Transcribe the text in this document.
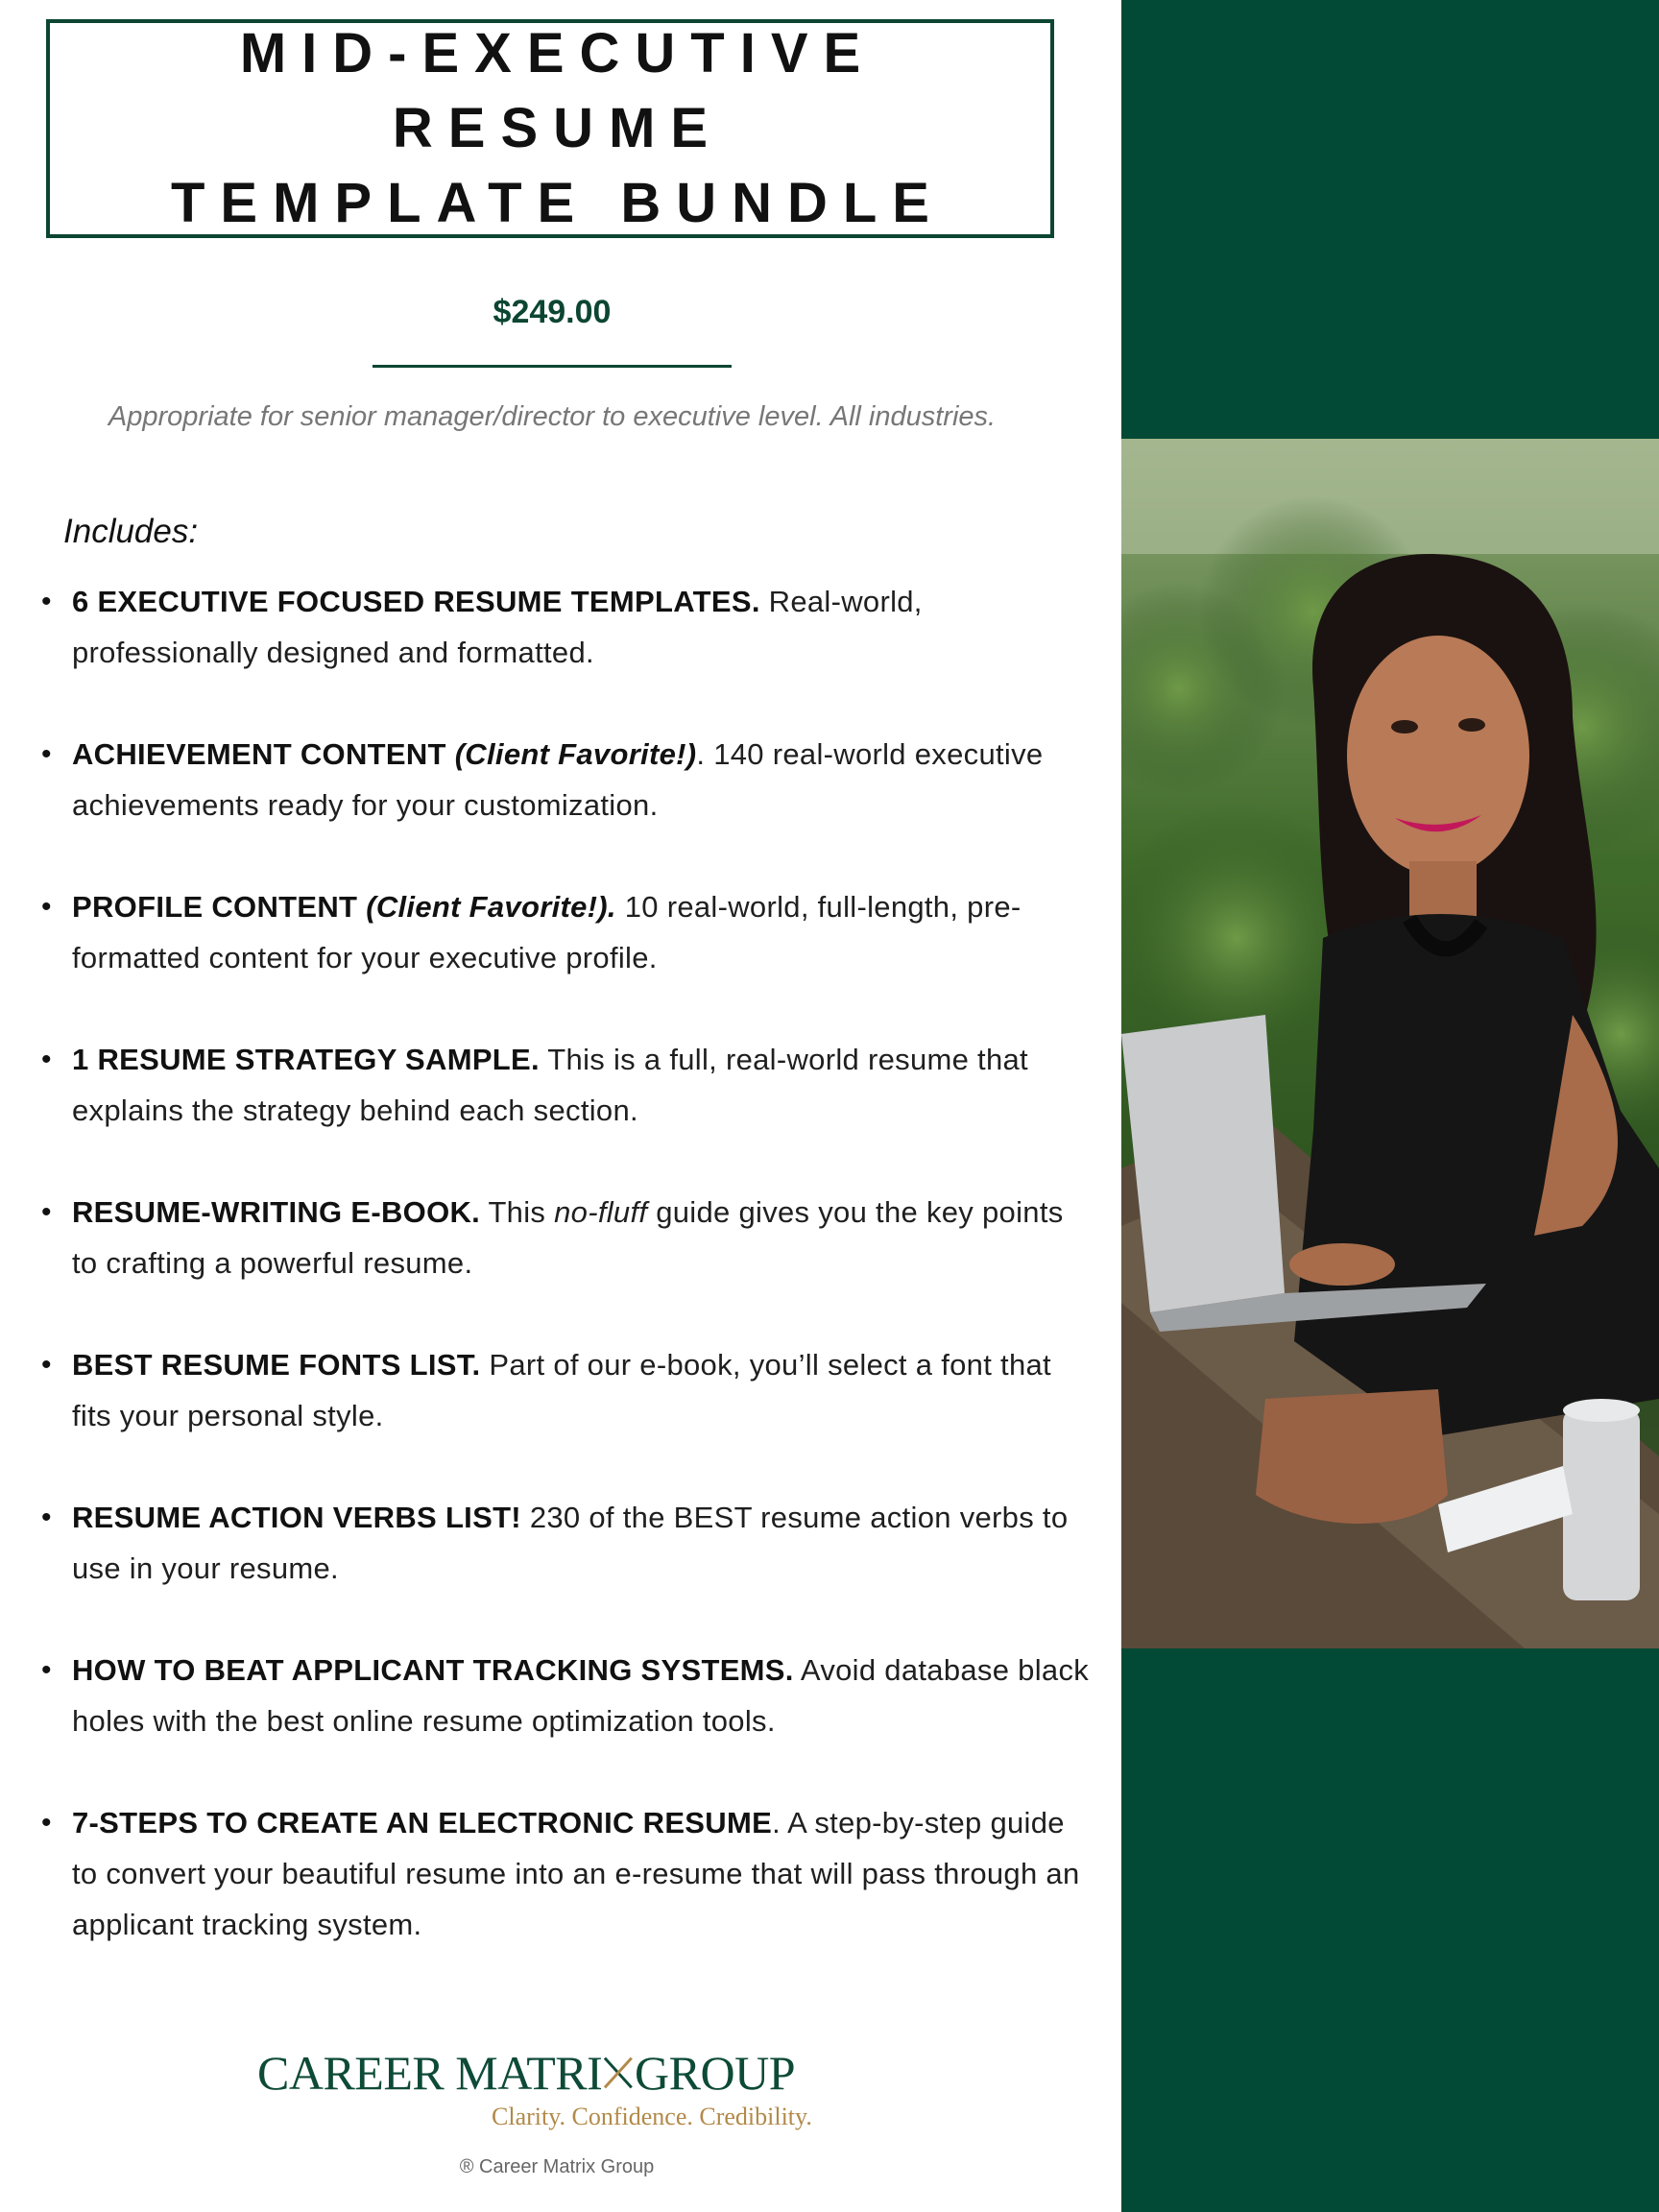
MID-EXECUTIVE RESUME
TEMPLATE BUNDLE
$249.00
Appropriate for senior manager/director to executive level. All industries.
Includes:
• 6 EXECUTIVE FOCUSED RESUME TEMPLATES. Real-world, professionally designed and formatted.
• ACHIEVEMENT CONTENT (Client Favorite!). 140 real-world executive achievements ready for your customization.
• PROFILE CONTENT (Client Favorite!). 10 real-world, full-length, pre-formatted content for your executive profile.
• 1 RESUME STRATEGY SAMPLE. This is a full, real-world resume that explains the strategy behind each section.
• RESUME-WRITING E-BOOK. This no-fluff guide gives you the key points to crafting a powerful resume.
• BEST RESUME FONTS LIST. Part of our e-book, you’ll select a font that fits your personal style.
• RESUME ACTION VERBS LIST! 230 of the BEST resume action verbs to use in your resume.
• HOW TO BEAT APPLICANT TRACKING SYSTEMS. Avoid database black holes with the best online resume optimization tools.
• 7-STEPS TO CREATE AN ELECTRONIC RESUME. A step-by-step guide to convert your beautiful resume into an e-resume that will pass through an applicant tracking system.
CAREER MATRI GROUP
Clarity. Confidence. Credibility.
® Career Matrix Group
